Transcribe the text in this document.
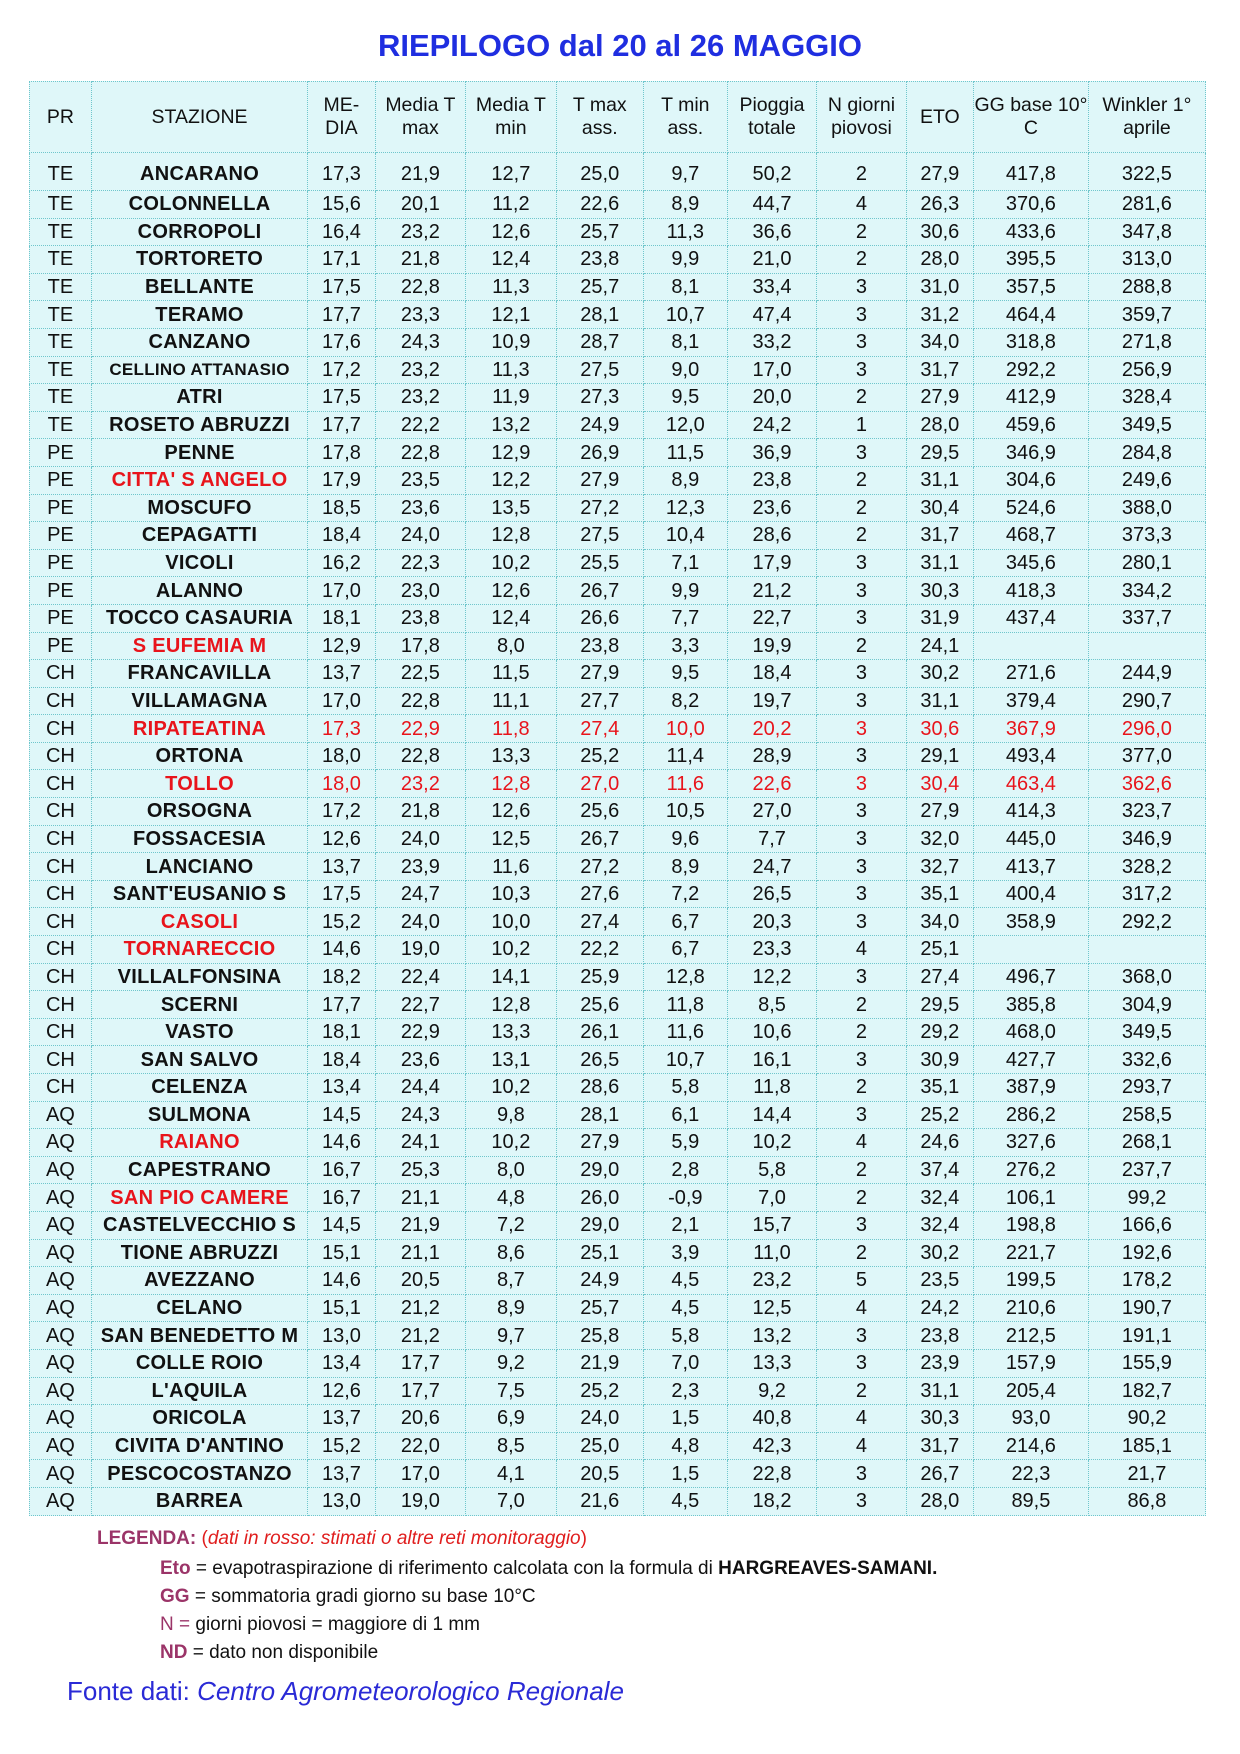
RIEPILOGO dal 20 al 26 MAGGIO
PR	STAZIONE	ME-DIA	Media T max	Media T min	T max ass.	T min ass.	Pioggia totale	N giorni piovosi	ETO	GG base 10° C	Winkler 1° aprile
TE	ANCARANO	17,3	21,9	12,7	25,0	9,7	50,2	2	27,9	417,8	322,5
TE	COLONNELLA	15,6	20,1	11,2	22,6	8,9	44,7	4	26,3	370,6	281,6
TE	CORROPOLI	16,4	23,2	12,6	25,7	11,3	36,6	2	30,6	433,6	347,8
TE	TORTORETO	17,1	21,8	12,4	23,8	9,9	21,0	2	28,0	395,5	313,0
TE	BELLANTE	17,5	22,8	11,3	25,7	8,1	33,4	3	31,0	357,5	288,8
TE	TERAMO	17,7	23,3	12,1	28,1	10,7	47,4	3	31,2	464,4	359,7
TE	CANZANO	17,6	24,3	10,9	28,7	8,1	33,2	3	34,0	318,8	271,8
TE	CELLINO ATTANASIO	17,2	23,2	11,3	27,5	9,0	17,0	3	31,7	292,2	256,9
TE	ATRI	17,5	23,2	11,9	27,3	9,5	20,0	2	27,9	412,9	328,4
TE	ROSETO ABRUZZI	17,7	22,2	13,2	24,9	12,0	24,2	1	28,0	459,6	349,5
PE	PENNE	17,8	22,8	12,9	26,9	11,5	36,9	3	29,5	346,9	284,8
PE	CITTA' S ANGELO	17,9	23,5	12,2	27,9	8,9	23,8	2	31,1	304,6	249,6
PE	MOSCUFO	18,5	23,6	13,5	27,2	12,3	23,6	2	30,4	524,6	388,0
PE	CEPAGATTI	18,4	24,0	12,8	27,5	10,4	28,6	2	31,7	468,7	373,3
PE	VICOLI	16,2	22,3	10,2	25,5	7,1	17,9	3	31,1	345,6	280,1
PE	ALANNO	17,0	23,0	12,6	26,7	9,9	21,2	3	30,3	418,3	334,2
PE	TOCCO CASAURIA	18,1	23,8	12,4	26,6	7,7	22,7	3	31,9	437,4	337,7
PE	S EUFEMIA M	12,9	17,8	8,0	23,8	3,3	19,9	2	24,1		
CH	FRANCAVILLA	13,7	22,5	11,5	27,9	9,5	18,4	3	30,2	271,6	244,9
CH	VILLAMAGNA	17,0	22,8	11,1	27,7	8,2	19,7	3	31,1	379,4	290,7
CH	RIPATEATINA	17,3	22,9	11,8	27,4	10,0	20,2	3	30,6	367,9	296,0
CH	ORTONA	18,0	22,8	13,3	25,2	11,4	28,9	3	29,1	493,4	377,0
CH	TOLLO	18,0	23,2	12,8	27,0	11,6	22,6	3	30,4	463,4	362,6
CH	ORSOGNA	17,2	21,8	12,6	25,6	10,5	27,0	3	27,9	414,3	323,7
CH	FOSSACESIA	12,6	24,0	12,5	26,7	9,6	7,7	3	32,0	445,0	346,9
CH	LANCIANO	13,7	23,9	11,6	27,2	8,9	24,7	3	32,7	413,7	328,2
CH	SANT'EUSANIO S	17,5	24,7	10,3	27,6	7,2	26,5	3	35,1	400,4	317,2
CH	CASOLI	15,2	24,0	10,0	27,4	6,7	20,3	3	34,0	358,9	292,2
CH	TORNARECCIO	14,6	19,0	10,2	22,2	6,7	23,3	4	25,1		
CH	VILLALFONSINA	18,2	22,4	14,1	25,9	12,8	12,2	3	27,4	496,7	368,0
CH	SCERNI	17,7	22,7	12,8	25,6	11,8	8,5	2	29,5	385,8	304,9
CH	VASTO	18,1	22,9	13,3	26,1	11,6	10,6	2	29,2	468,0	349,5
CH	SAN SALVO	18,4	23,6	13,1	26,5	10,7	16,1	3	30,9	427,7	332,6
CH	CELENZA	13,4	24,4	10,2	28,6	5,8	11,8	2	35,1	387,9	293,7
AQ	SULMONA	14,5	24,3	9,8	28,1	6,1	14,4	3	25,2	286,2	258,5
AQ	RAIANO	14,6	24,1	10,2	27,9	5,9	10,2	4	24,6	327,6	268,1
AQ	CAPESTRANO	16,7	25,3	8,0	29,0	2,8	5,8	2	37,4	276,2	237,7
AQ	SAN PIO CAMERE	16,7	21,1	4,8	26,0	-0,9	7,0	2	32,4	106,1	99,2
AQ	CASTELVECCHIO S	14,5	21,9	7,2	29,0	2,1	15,7	3	32,4	198,8	166,6
AQ	TIONE ABRUZZI	15,1	21,1	8,6	25,1	3,9	11,0	2	30,2	221,7	192,6
AQ	AVEZZANO	14,6	20,5	8,7	24,9	4,5	23,2	5	23,5	199,5	178,2
AQ	CELANO	15,1	21,2	8,9	25,7	4,5	12,5	4	24,2	210,6	190,7
AQ	SAN BENEDETTO M	13,0	21,2	9,7	25,8	5,8	13,2	3	23,8	212,5	191,1
AQ	COLLE ROIO	13,4	17,7	9,2	21,9	7,0	13,3	3	23,9	157,9	155,9
AQ	L'AQUILA	12,6	17,7	7,5	25,2	2,3	9,2	2	31,1	205,4	182,7
AQ	ORICOLA	13,7	20,6	6,9	24,0	1,5	40,8	4	30,3	93,0	90,2
AQ	CIVITA D'ANTINO	15,2	22,0	8,5	25,0	4,8	42,3	4	31,7	214,6	185,1
AQ	PESCOCOSTANZO	13,7	17,0	4,1	20,5	1,5	22,8	3	26,7	22,3	21,7
AQ	BARREA	13,0	19,0	7,0	21,6	4,5	18,2	3	28,0	89,5	86,8
LEGENDA: (dati in rosso: stimati o altre reti monitoraggio)
Eto = evapotraspirazione di riferimento calcolata con la formula di HARGREAVES-SAMANI.
GG = sommatoria gradi giorno su base 10°C
N = giorni piovosi = maggiore di 1 mm
ND = dato non disponibile
Fonte dati: Centro Agrometeorologico Regionale
